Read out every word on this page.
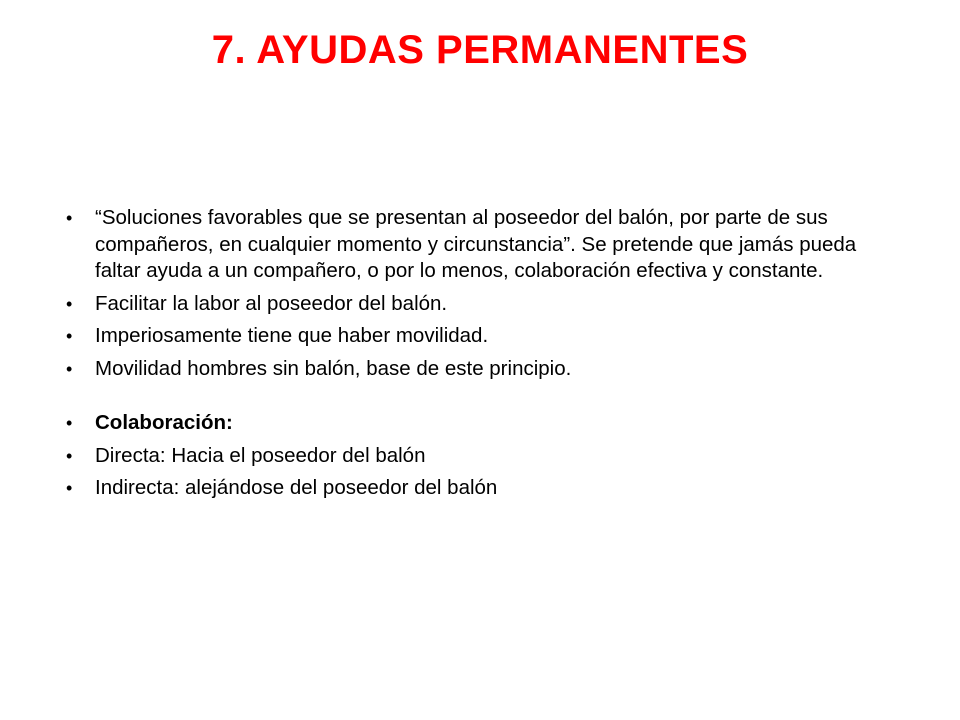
7. AYUDAS PERMANENTES
• “Soluciones favorables que se presentan al poseedor del balón, por parte de sus compañeros, en cualquier momento y circunstancia”. Se pretende que jamás pueda faltar ayuda a un compañero, o por lo menos, colaboración efectiva y constante.
• Facilitar la labor al poseedor del balón.
• Imperiosamente tiene que haber movilidad.
• Movilidad hombres sin balón, base de este principio.
• Colaboración:
• Directa: Hacia el poseedor del balón
• Indirecta: alejándose del poseedor del balón
